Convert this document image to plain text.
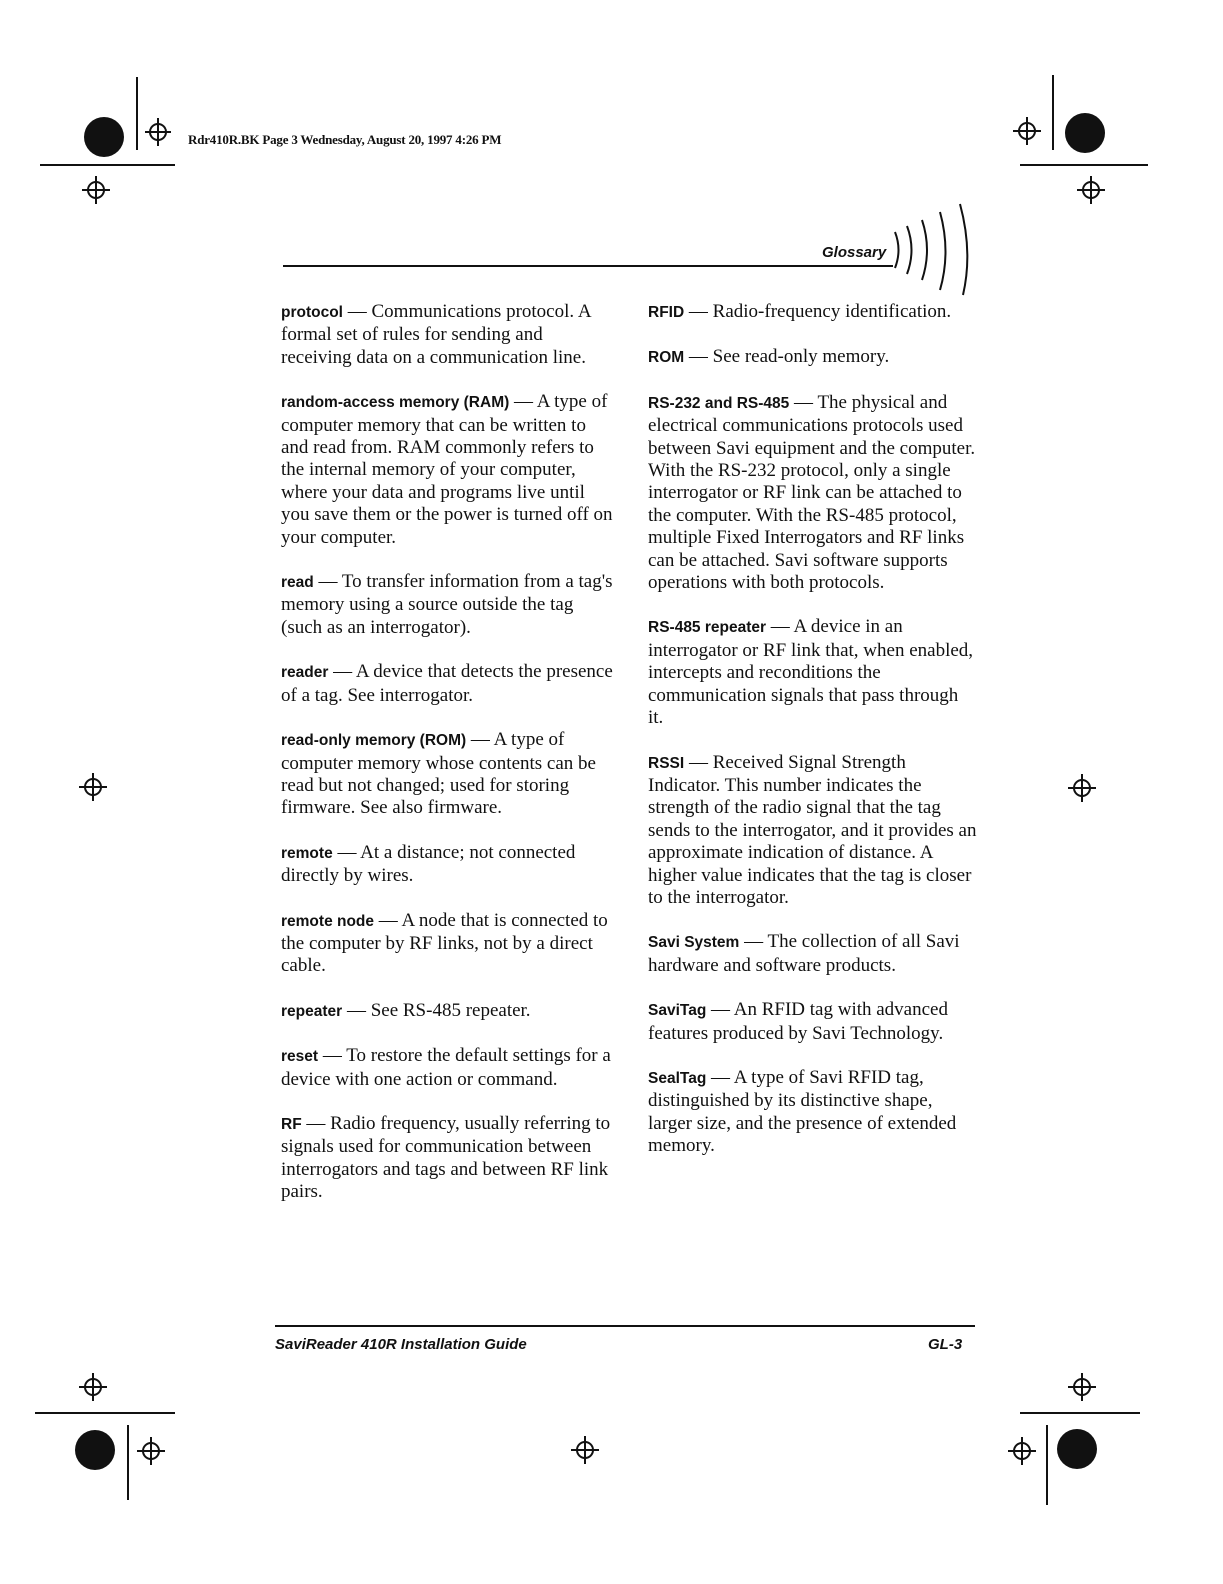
Rdr410R.BK Page 3 Wednesday, August 20, 1997 4:26 PM
Glossary

protocol — Communications protocol. A formal set of rules for sending and receiving data on a communication line.

random-access memory (RAM) — A type of computer memory that can be written to and read from. RAM commonly refers to the internal memory of your computer, where your data and programs live until you save them or the power is turned off on your computer.

read — To transfer information from a tag's memory using a source outside the tag (such as an interrogator).

reader — A device that detects the presence of a tag. See interrogator.

read-only memory (ROM) — A type of computer memory whose contents can be read but not changed; used for storing firmware. See also firmware.

remote — At a distance; not connected directly by wires.

remote node — A node that is connected to the computer by RF links, not by a direct cable.

repeater — See RS-485 repeater.

reset — To restore the default settings for a device with one action or command.

RF — Radio frequency, usually referring to signals used for communication between interrogators and tags and between RF link pairs.

RFID — Radio-frequency identification.

ROM — See read-only memory.

RS-232 and RS-485 — The physical and electrical communications protocols used between Savi equipment and the computer. With the RS-232 protocol, only a single interrogator or RF link can be attached to the computer. With the RS-485 protocol, multiple Fixed Interrogators and RF links can be attached. Savi software supports operations with both protocols.

RS-485 repeater — A device in an interrogator or RF link that, when enabled, intercepts and reconditions the communication signals that pass through it.

RSSI — Received Signal Strength Indicator. This number indicates the strength of the radio signal that the tag sends to the interrogator, and it provides an approximate indication of distance. A higher value indicates that the tag is closer to the interrogator.

Savi System — The collection of all Savi hardware and software products.

SaviTag — An RFID tag with advanced features produced by Savi Technology.

SealTag — A type of Savi RFID tag, distinguished by its distinctive shape, larger size, and the presence of extended memory.

SaviReader 410R Installation Guide	GL-3
